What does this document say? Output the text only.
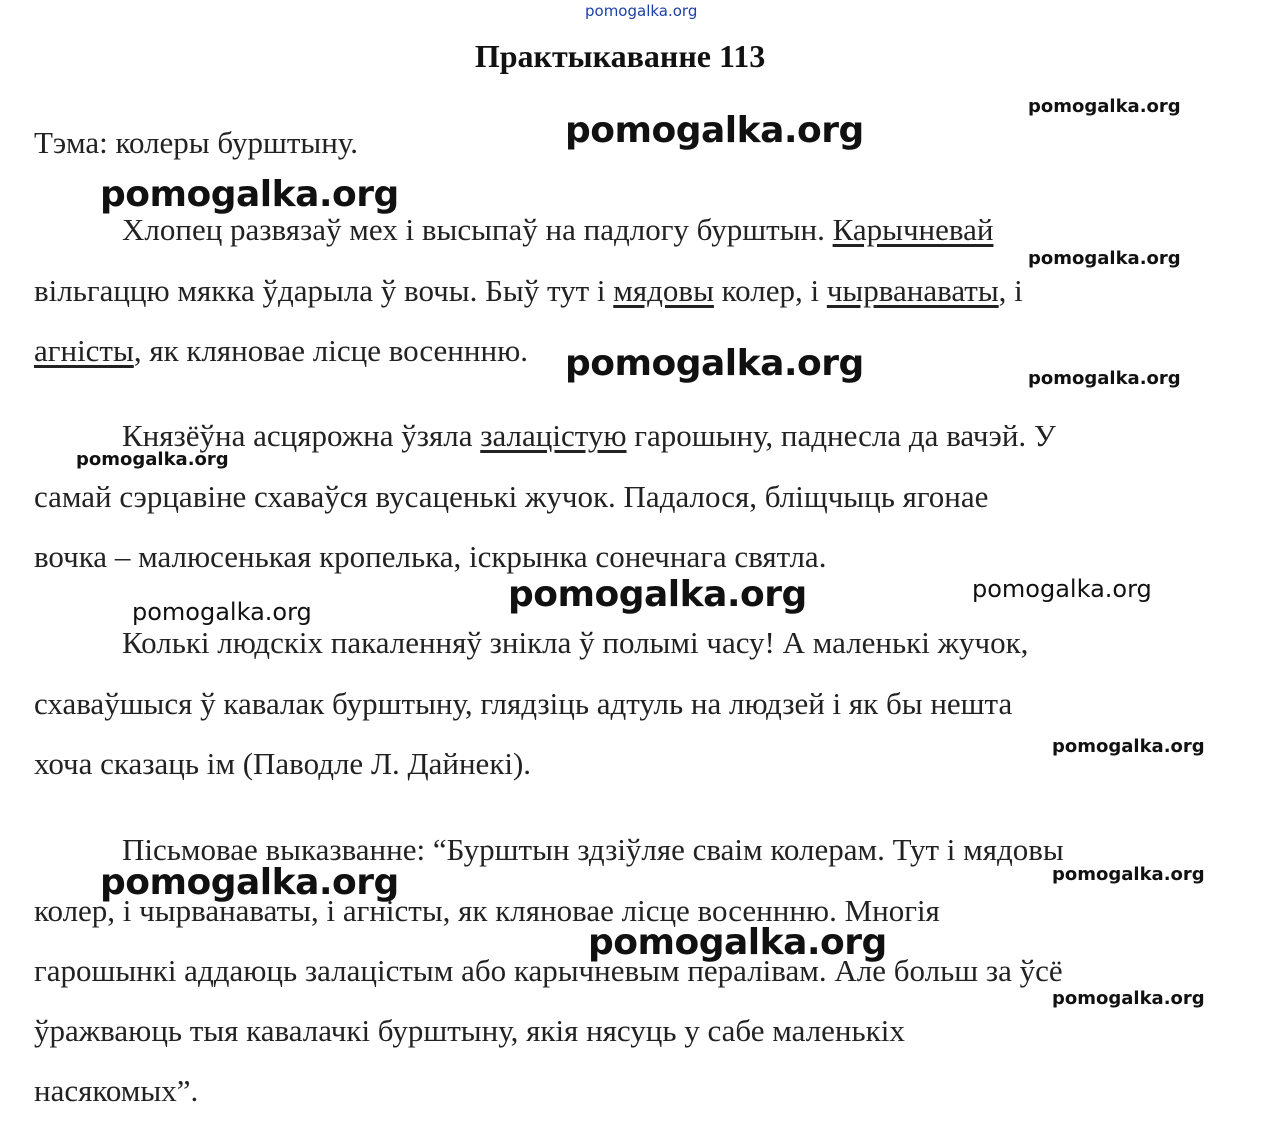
pomogalka.org
Практыкаванне 113
pomogalka.org
pomogalka.org
pomogalka.org
pomogalka.org
pomogalka.org	pomogalka.org
pomogalka.org
pomogalka.org	pomogalka.org
pomogalka.org
pomogalka.org
pomogalka.org
pomogalka.org
pomogalka.org
pomogalka.org
Тэма: колеры бурштыну.
Хлопец развязаў мех і высыпаў на падлогу бурштын. Карычневай
вільгаццю мякка ўдарыла ў вочы. Быў тут і мядовы колер, і чырванаваты, і
агністы, як кляновае лісце восеннню.
Князёўна асцярожна ўзяла залацістую гарошыну, паднесла да вачэй. У
самай сэрцавіне схаваўся вусаценькі жучок. Падалося, бліщчыць ягонае
вочка – малюсенькая кропелька, іскрынка сонечнага святла.
Колькі людскіх пакаленняў зніклa ў полымі часу! А маленькі жучок,
схаваўшыся ў кавалак бурштыну, глядзіць адтуль на людзей і як бы нешта
хоча сказаць ім (Паводле Л. Дайнекі).
Пісьмовае выказванне: “Бурштын здзіўляе сваім колерам. Тут і мядовы
колер, і чырванаваты, і агністы, як кляновае лісце восеннню. Многія
гарошынкі аддаюць залацістым або карычневым пералівам. Але больш за ўсё
ўражваюць тыя кавалачкі бурштыну, якія нясуць у сабе маленькіх
насякомых”.
